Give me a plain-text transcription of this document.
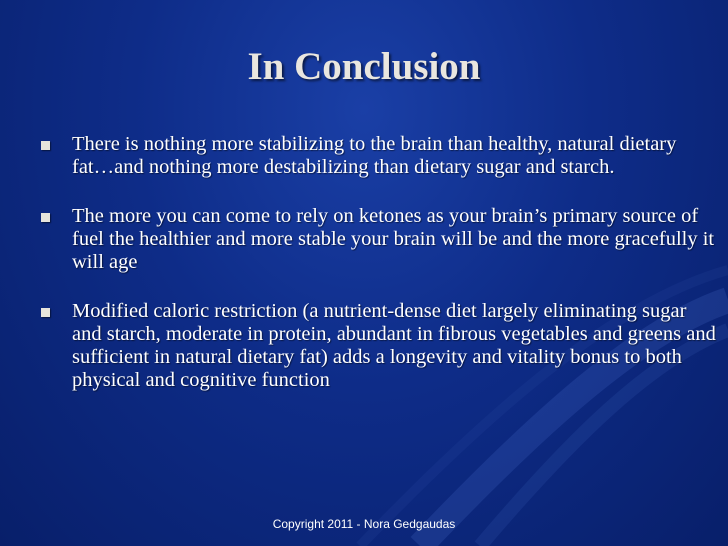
In Conclusion
There is nothing more stabilizing to the brain than healthy, natural dietary fat…and nothing more destabilizing than dietary sugar and starch.
The more you can come to rely on ketones as your brain’s primary source of fuel the healthier and more stable your brain will be and the more gracefully it will age
Modified caloric restriction (a nutrient-dense diet largely eliminating sugar and starch, moderate in protein, abundant in fibrous vegetables and greens and sufficient in natural dietary fat) adds a longevity and vitality bonus to both physical and cognitive function
Copyright 2011 - Nora Gedgaudas
